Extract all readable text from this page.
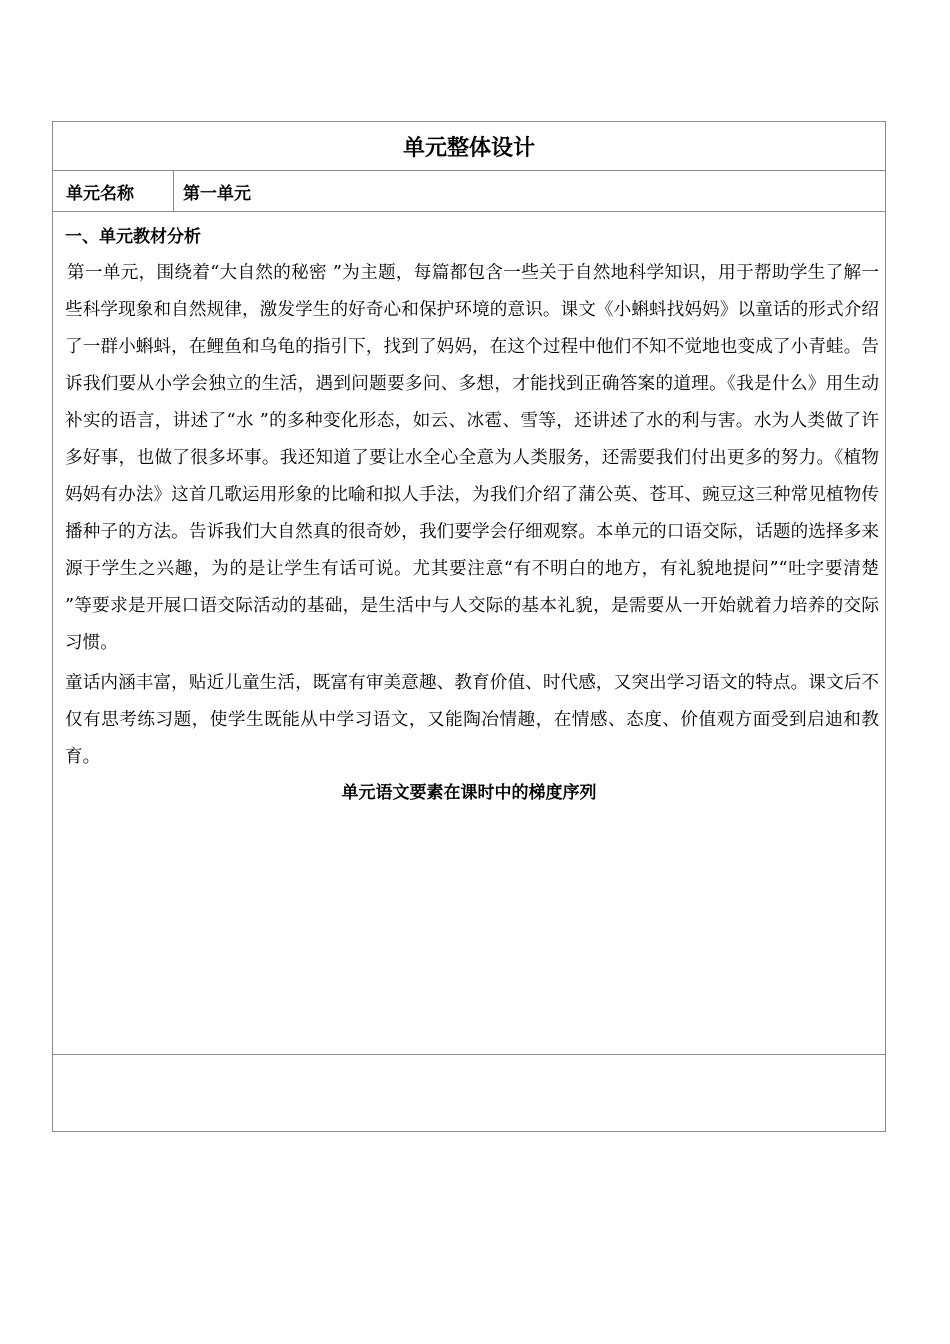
单元整体设计
单元名称	第一单元
一、单元教材分析

第一单元，围绕着“大自然的秘密 ”为主题，每篇都包含一些关于自然地科学知识，用于帮助学生了解一些科学现象和自然规律，激发学生的好奇心和保护环境的意识。课文《小蝌蚪找妈妈》以童话的形式介绍了一群小蝌蚪，在鲤鱼和乌龟的指引下，找到了妈妈，在这个过程中他们不知不觉地也变成了小青蛙。告诉我们要从小学会独立的生活，遇到问题要多问、多想，才能找到正确答案的道理。《我是什么》用生动补实的语言，讲述了“水 ”的多种变化形态，如云、冰雹、雪等，还讲述了水的利与害。水为人类做了许多好事，也做了很多坏事。我还知道了要让水全心全意为人类服务，还需要我们付出更多的努力。《植物妈妈有办法》这首几歌运用形象的比喻和拟人手法，为我们介绍了蒲公英、苍耳、豌豆这三种常见植物传播种子的方法。告诉我们大自然真的很奇妙，我们要学会仔细观察。本单元的口语交际，话题的选择多来源于学生之兴趣，为的是让学生有话可说。尤其要注意“有不明白的地方，有礼貌地提问”“吐字要清楚 ”等要求是开展口语交际活动的基础，是生活中与人交际的基本礼貌，是需要从一开始就着力培养的交际习惯。

童话内涵丰富，贴近儿童生活，既富有审美意趣、教育价值、时代感，又突出学习语文的特点。课文后不仅有思考练习题，使学生既能从中学习语文，又能陶冶情趣，在情感、态度、价值观方面受到启迪和教育。

单元语文要素在课时中的梯度序列
